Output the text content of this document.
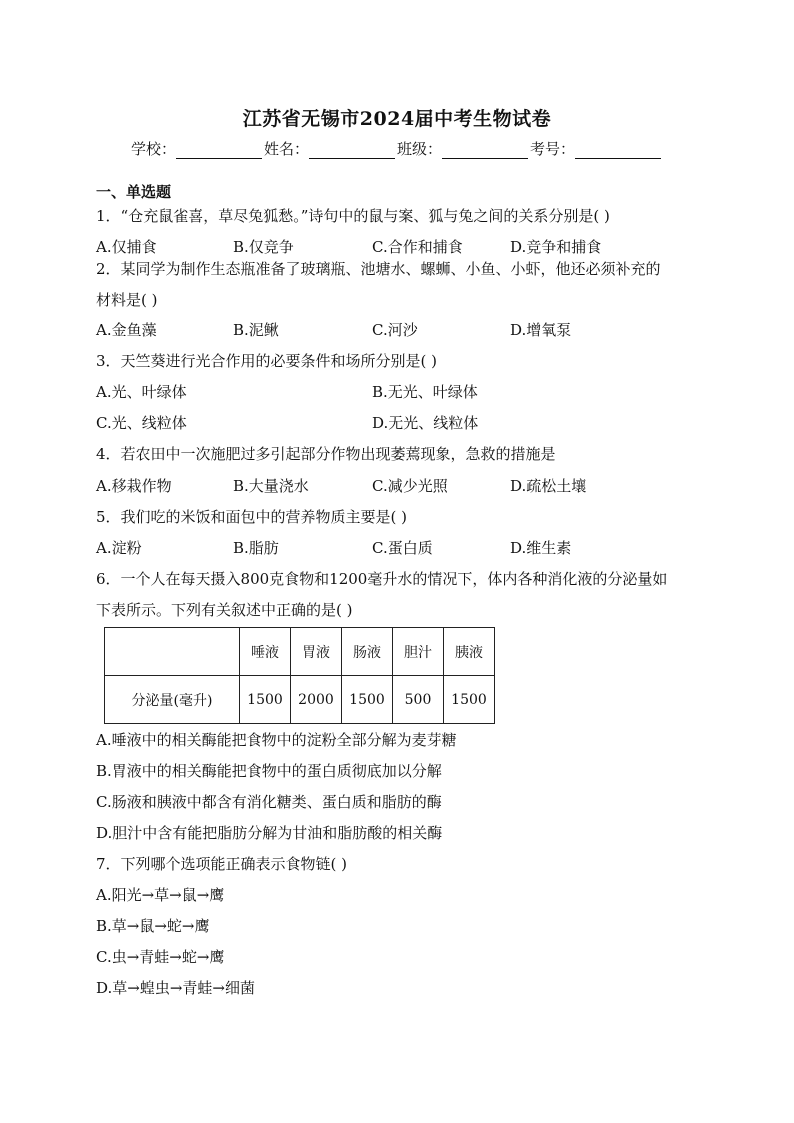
江苏省无锡市2024届中考生物试卷
学校：	姓名：	班级：	考号：
一、单选题
1．“仓充鼠雀喜，草尽兔狐愁。”诗句中的鼠与案、狐与兔之间的关系分别是( )
A.仅捕食	B.仅竞争	C.合作和捕食	D.竞争和捕食
2．某同学为制作生态瓶准备了玻璃瓶、池塘水、螺蛳、小鱼、小虾，他还必须补充的
材料是( )
A.金鱼藻	B.泥鳅	C.河沙	D.增氧泵
3．天竺葵进行光合作用的必要条件和场所分别是( )
A.光、叶绿体	B.无光、叶绿体
C.光、线粒体	D.无光、线粒体
4．若农田中一次施肥过多引起部分作物出现萎蔫现象，急救的措施是
A.移栽作物	B.大量浇水	C.减少光照	D.疏松土壤
5．我们吃的米饭和面包中的营养物质主要是( )
A.淀粉	B.脂肪	C.蛋白质	D.维生素
6．一个人在每天摄入800克食物和1200毫升水的情况下，体内各种消化液的分泌量如
下表所示。下列有关叙述中正确的是( )
	唾液	胃液	肠液	胆汁	胰液
分泌量(毫升)	1500	2000	1500	500	1500
A.唾液中的相关酶能把食物中的淀粉全部分解为麦芽糖
B.胃液中的相关酶能把食物中的蛋白质彻底加以分解
C.肠液和胰液中都含有消化糖类、蛋白质和脂肪的酶
D.胆汁中含有能把脂肪分解为甘油和脂肪酸的相关酶
7．下列哪个选项能正确表示食物链( )
A.阳光→草→鼠→鹰
B.草→鼠→蛇→鹰
C.虫→青蛙→蛇→鹰
D.草→蝗虫→青蛙→细菌
